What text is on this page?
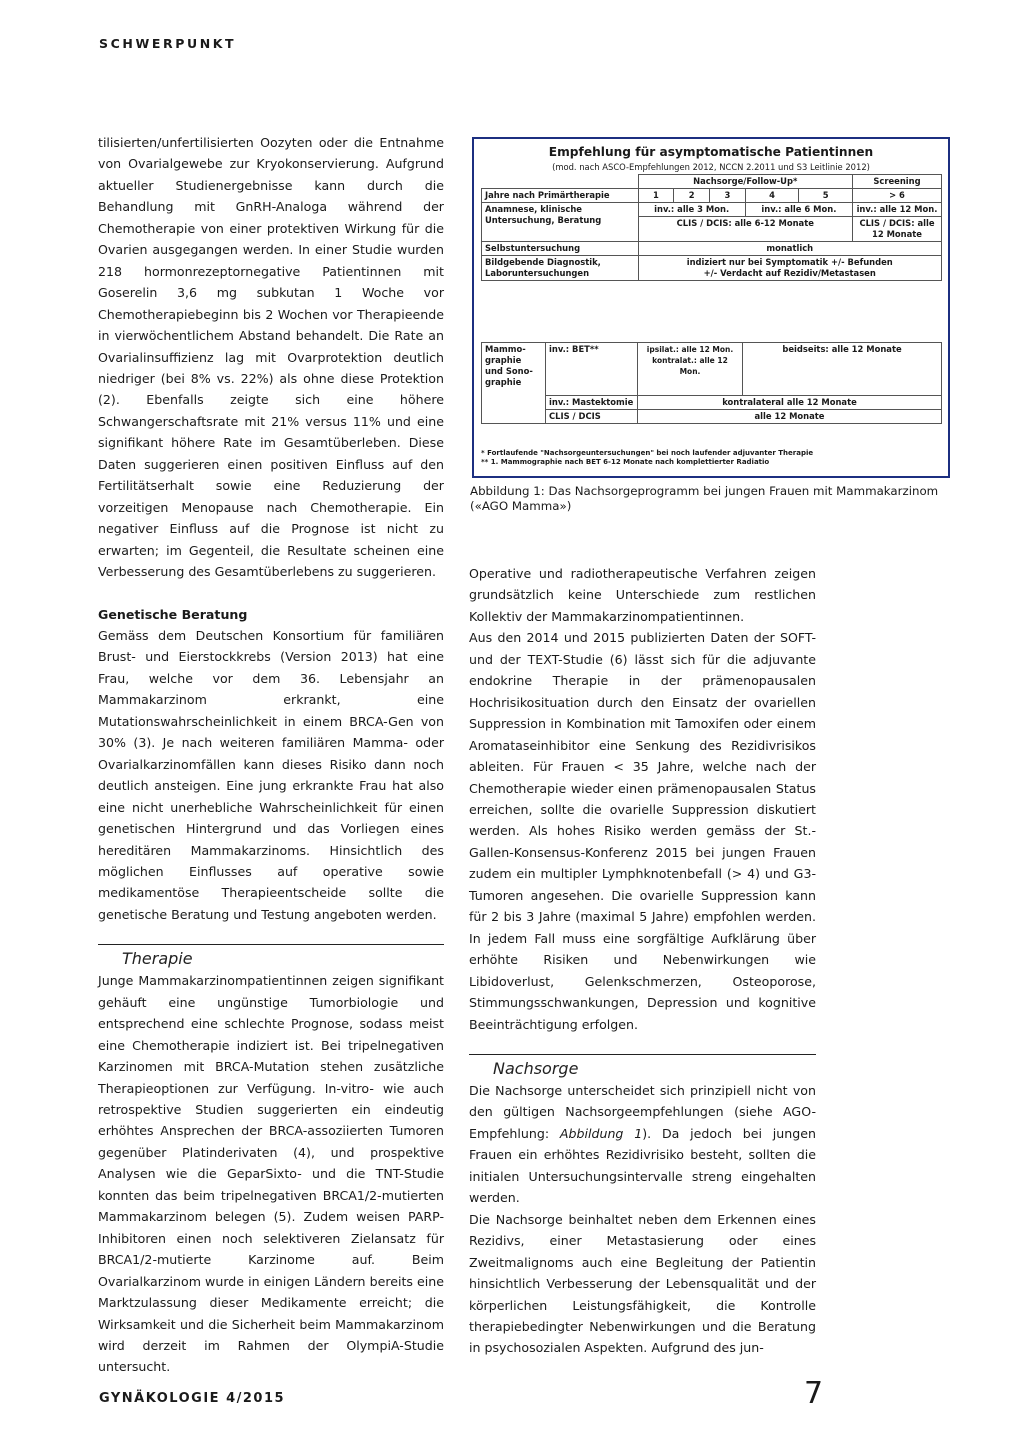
SCHWERPUNKT

tilisierten/unfertilisierten Oozyten oder die Entnahme von Ovarialgewebe zur Kryokonservierung. Aufgrund aktueller Studienergebnisse kann durch die Behandlung mit GnRH-Analoga während der Chemotherapie von einer protektiven Wirkung für die Ovarien ausgegangen werden. In einer Studie wurden 218 hormonrezeptornegative Patientinnen mit Goserelin 3,6 mg subkutan 1 Woche vor Chemotherapiebeginn bis 2 Wochen vor Therapieende in vierwöchentlichem Abstand behandelt. Die Rate an Ovarialinsuffizienz lag mit Ovarprotektion deutlich niedriger (bei 8% vs. 22%) als ohne diese Protektion (2). Ebenfalls zeigte sich eine höhere Schwangerschaftsrate mit 21% versus 11% und eine signifikant höhere Rate im Gesamtüberleben. Diese Daten suggerieren einen positiven Einfluss auf den Fertilitätserhalt sowie eine Reduzierung der vorzeitigen Menopause nach Chemotherapie. Ein negativer Einfluss auf die Prognose ist nicht zu erwarten; im Gegenteil, die Resultate scheinen eine Verbesserung des Gesamtüberlebens zu suggerieren.

Genetische Beratung

Gemäss dem Deutschen Konsortium für familiären Brust- und Eierstockkrebs (Version 2013) hat eine Frau, welche vor dem 36. Lebensjahr an Mammakarzinom erkrankt, eine Mutationswahrscheinlichkeit in einem BRCA-Gen von 30% (3). Je nach weiteren familiären Mamma- oder Ovarialkarzinomfällen kann dieses Risiko dann noch deutlich ansteigen. Eine jung erkrankte Frau hat also eine nicht unerhebliche Wahrscheinlichkeit für einen genetischen Hintergrund und das Vorliegen eines hereditären Mammakarzinoms. Hinsichtlich des möglichen Einflusses auf operative sowie medikamentöse Therapieentscheide sollte die genetische Beratung und Testung angeboten werden.

Therapie

Junge Mammakarzinompatientinnen zeigen signifikant gehäuft eine ungünstige Tumorbiologie und entsprechend eine schlechte Prognose, sodass meist eine Chemotherapie indiziert ist. Bei tripelnegativen Karzinomen mit BRCA-Mutation stehen zusätzliche Therapieoptionen zur Verfügung. In-vitro- wie auch retrospektive Studien suggerierten ein eindeutig erhöhtes Ansprechen der BRCA-assoziierten Tumoren gegenüber Platinderivaten (4), und prospektive Analysen wie die GeparSixto- und die TNT-Studie konnten das beim tripelnegativen BRCA1/2-mutierten Mammakarzinom belegen (5). Zudem weisen PARP-Inhibitoren einen noch selektiveren Zielansatz für BRCA1/2-mutierte Karzinome auf. Beim Ovarialkarzinom wurde in einigen Ländern bereits eine Marktzulassung dieser Medikamente erreicht; die Wirksamkeit und die Sicherheit beim Mammakarzinom wird derzeit im Rahmen der OlympiA-Studie untersucht.

Empfehlung für asymptomatische Patientinnen
(mod. nach ASCO-Empfehlungen 2012, NCCN 2.2011 und S3 Leitlinie 2012)
	Nachsorge/Follow-Up*					Screening
Jahre nach Primärtherapie	1	2	3	4	5	> 6
Anamnese, klinische Untersuchung, Beratung	inv.: alle 3 Mon.			inv.: alle 6 Mon.		inv.: alle 12 Mon.
	CLIS / DCIS: alle 6-12 Monate					CLIS / DCIS: alle 12 Monate
Selbstuntersuchung	monatlich					
Bildgebende Diagnostik, Laboruntersuchungen	indiziert nur bei Symptomatik +/- Befunden
+/- Verdacht auf Rezidiv/Metastasen					
Mammo-graphie und Sono-graphie	inv.: BET**	ipsilat.: alle 12 Mon. kontralat.: alle 12 Mon.	beidseits: alle 12 Monate
	inv.: Mastektomie	kontralateral alle 12 Monate	
	CLIS / DCIS	alle 12 Monate	
* Fortlaufende "Nachsorgeuntersuchungen" bei noch laufender adjuvanter Therapie
** 1. Mammographie nach BET 6-12 Monate nach komplettierter Radiatio
Abbildung 1: Das Nachsorgeprogramm bei jungen Frauen mit Mammakarzinom («AGO Mamma»)

Operative und radiotherapeutische Verfahren zeigen grundsätzlich keine Unterschiede zum restlichen Kollektiv der Mammakarzinompatientinnen.

Aus den 2014 und 2015 publizierten Daten der SOFT- und der TEXT-Studie (6) lässt sich für die adjuvante endokrine Therapie in der prämenopausalen Hochrisikosituation durch den Einsatz der ovariellen Suppression in Kombination mit Tamoxifen oder einem Aromataseinhibitor eine Senkung des Rezidivrisikos ableiten. Für Frauen < 35 Jahre, welche nach der Chemotherapie wieder einen prämenopausalen Status erreichen, sollte die ovarielle Suppression diskutiert werden. Als hohes Risiko werden gemäss der St.-Gallen-Konsensus-Konferenz 2015 bei jungen Frauen zudem ein multipler Lymphknotenbefall (> 4) und G3-Tumoren angesehen. Die ovarielle Suppression kann für 2 bis 3 Jahre (maximal 5 Jahre) empfohlen werden. In jedem Fall muss eine sorgfältige Aufklärung über erhöhte Risiken und Nebenwirkungen wie Libidoverlust, Gelenkschmerzen, Osteoporose, Stimmungsschwankungen, Depression und kognitive Beeinträchtigung erfolgen.

Nachsorge

Die Nachsorge unterscheidet sich prinzipiell nicht von den gültigen Nachsorgeempfehlungen (siehe AGO-Empfehlung: Abbildung 1). Da jedoch bei jungen Frauen ein erhöhtes Rezidivrisiko besteht, sollten die initialen Untersuchungsintervalle streng eingehalten werden.

Die Nachsorge beinhaltet neben dem Erkennen eines Rezidivs, einer Metastasierung oder eines Zweitmalignoms auch eine Begleitung der Patientin hinsichtlich Verbesserung der Lebensqualität und der körperlichen Leistungsfähigkeit, die Kontrolle therapiebedingter Nebenwirkungen und die Beratung in psychosozialen Aspekten. Aufgrund des jun-

GYNÄKOLOGIE 4/2015	7
